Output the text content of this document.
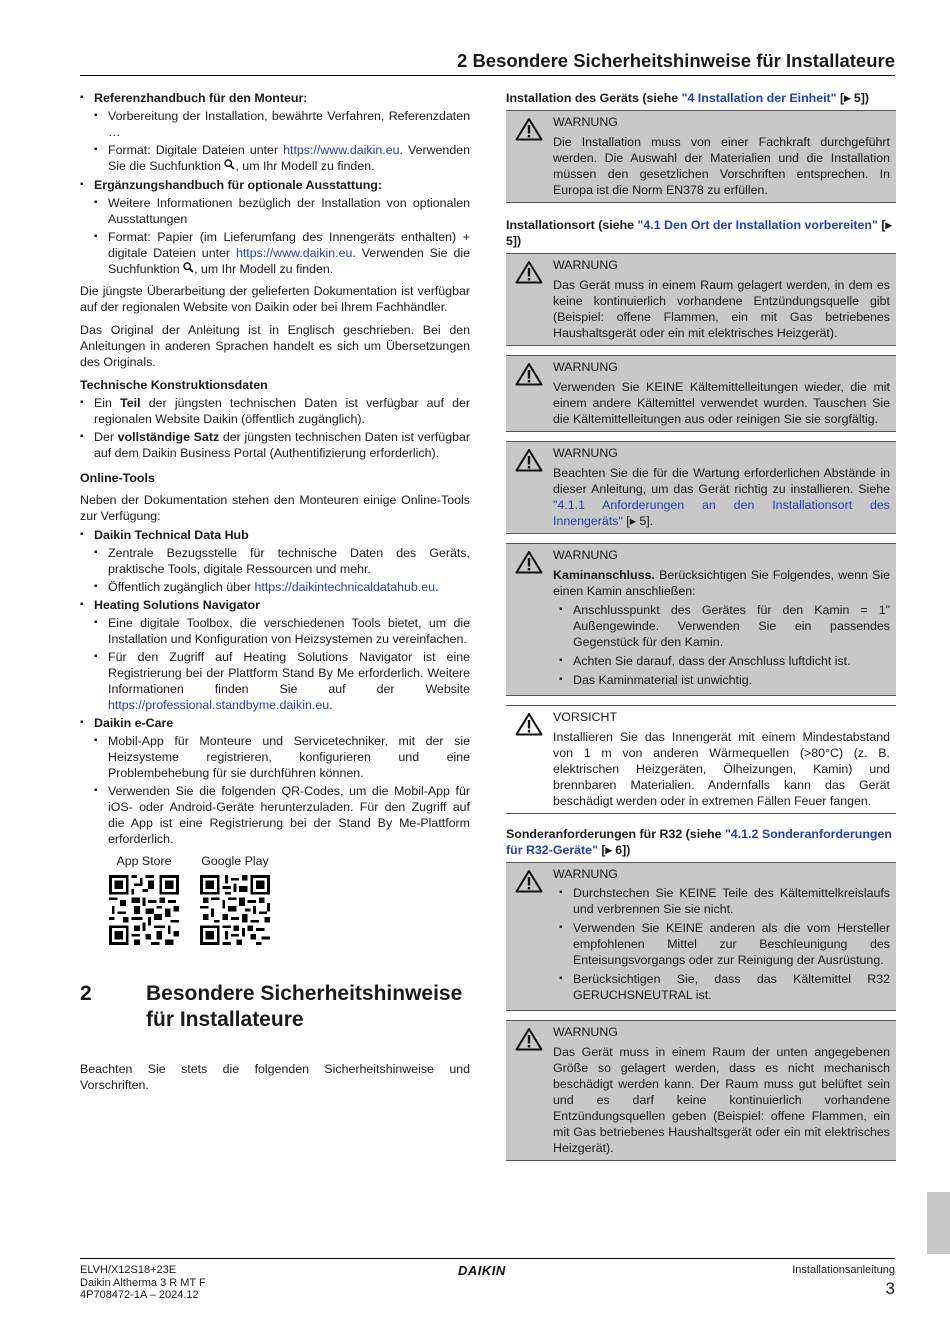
2 Besondere Sicherheitshinweise für Installateure
▪ Referenzhandbuch für den Monteur:
▪ Vorbereitung der Installation, bewährte Verfahren, Referenzdaten …
▪ Format: Digitale Dateien unter https://www.daikin.eu. Verwenden Sie die Suchfunktion , um Ihr Modell zu finden.
▪ Ergänzungshandbuch für optionale Ausstattung:
▪ Weitere Informationen bezüglich der Installation von optionalen Ausstattungen
▪ Format: Papier (im Lieferumfang des Innengeräts enthalten) + digitale Dateien unter https://www.daikin.eu. Verwenden Sie die Suchfunktion , um Ihr Modell zu finden.

Die jüngste Überarbeitung der gelieferten Dokumentation ist verfügbar auf der regionalen Website von Daikin oder bei Ihrem Fachhändler.

Das Original der Anleitung ist in Englisch geschrieben. Bei den Anleitungen in anderen Sprachen handelt es sich um Übersetzungen des Originals.

Technische Konstruktionsdaten
▪ Ein Teil der jüngsten technischen Daten ist verfügbar auf der regionalen Website Daikin (öffentlich zugänglich).
▪ Der vollständige Satz der jüngsten technischen Daten ist verfügbar auf dem Daikin Business Portal (Authentifizierung erforderlich).
Online-Tools

Neben der Dokumentation stehen den Monteuren einige Online-Tools zur Verfügung:

▪ Daikin Technical Data Hub
▪ Zentrale Bezugsstelle für technische Daten des Geräts, praktische Tools, digitale Ressourcen und mehr.
▪ Öffentlich zugänglich über https://daikintechnicaldatahub.eu.
▪ Heating Solutions Navigator
▪ Eine digitale Toolbox, die verschiedenen Tools bietet, um die Installation und Konfiguration von Heizsystemen zu vereinfachen.
▪ Für den Zugriff auf Heating Solutions Navigator ist eine Registrierung bei der Plattform Stand By Me erforderlich. Weitere Informationen finden Sie auf der Website https://professional.standbyme.daikin.eu.
▪ Daikin e-Care
▪ Mobil-App für Monteure und Servicetechniker, mit der sie Heizsysteme registrieren, konfigurieren und eine Problembehebung für sie durchführen können.
▪ Verwenden Sie die folgenden QR-Codes, um die Mobil-App für iOS- oder Android-Geräte herunterzuladen. Für den Zugriff auf die App ist eine Registrierung bei der Stand By Me-Plattform erforderlich.
App Store	Google Play
2	Besondere Sicherheitshinweise für Installateure

Beachten Sie stets die folgenden Sicherheitshinweise und Vorschriften.

Installation des Geräts (siehe "4 Installation der Einheit" [▸ 5])
WARNUNG

Die Installation muss von einer Fachkraft durchgeführt werden. Die Auswahl der Materialien und die Installation müssen den gesetzlichen Vorschriften entsprechen. In Europa ist die Norm EN378 zu erfüllen.

Installationsort (siehe "4.1 Den Ort der Installation vorbereiten" [▸ 5])
WARNUNG

Das Gerät muss in einem Raum gelagert werden, in dem es keine kontinuierlich vorhandene Entzündungsquelle gibt (Beispiel: offene Flammen, ein mit Gas betriebenes Haushaltsgerät oder ein mit elektrisches Heizgerät).

WARNUNG

Verwenden Sie KEINE Kältemittelleitungen wieder, die mit einem andere Kältemittel verwendet wurden. Tauschen Sie die Kältemittelleitungen aus oder reinigen Sie sie sorgfältig.

WARNUNG

Beachten Sie die für die Wartung erforderlichen Abstände in dieser Anleitung, um das Gerät richtig zu installieren. Siehe "4.1.1 Anforderungen an den Installationsort des Innengeräts" [▸ 5].

WARNUNG

Kaminanschluss. Berücksichtigen Sie Folgendes, wenn Sie einen Kamin anschließen:

▪ Anschlusspunkt des Gerätes für den Kamin = 1" Außengewinde. Verwenden Sie ein passendes Gegenstück für den Kamin.
▪ Achten Sie darauf, dass der Anschluss luftdicht ist.
▪ Das Kaminmaterial ist unwichtig.
VORSICHT

Installieren Sie das Innengerät mit einem Mindestabstand von 1 m von anderen Wärmequellen (>80°C) (z. B. elektrischen Heizgeräten, Ölheizungen, Kamin) und brennbaren Materialien. Andernfalls kann das Gerät beschädigt werden oder in extremen Fällen Feuer fangen.

Sonderanforderungen für R32 (siehe "4.1.2 Sonderanforderungen für R32-Geräte" [▸ 6])
WARNUNG
▪ Durchstechen Sie KEINE Teile des Kältemittelkreislaufs und verbrennen Sie sie nicht.
▪ Verwenden Sie KEINE anderen als die vom Hersteller empfohlenen Mittel zur Beschleunigung des Enteisungsvorgangs oder zur Reinigung der Ausrüstung.
▪ Berücksichtigen Sie, dass das Kältemittel R32 GERUCHSNEUTRAL ist.
WARNUNG

Das Gerät muss in einem Raum der unten angegebenen Größe so gelagert werden, dass es nicht mechanisch beschädigt werden kann. Der Raum muss gut belüftet sein und es darf keine kontinuierlich vorhandene Entzündungsquellen geben (Beispiel: offene Flammen, ein mit Gas betriebenes Haushaltsgerät oder ein mit elektrisches Heizgerät).

ELVH/X12S18+23E
Daikin Altherma 3 R MT F
4P708472-1A – 2024.12
DAIKIN	Installationsanleitung
3
